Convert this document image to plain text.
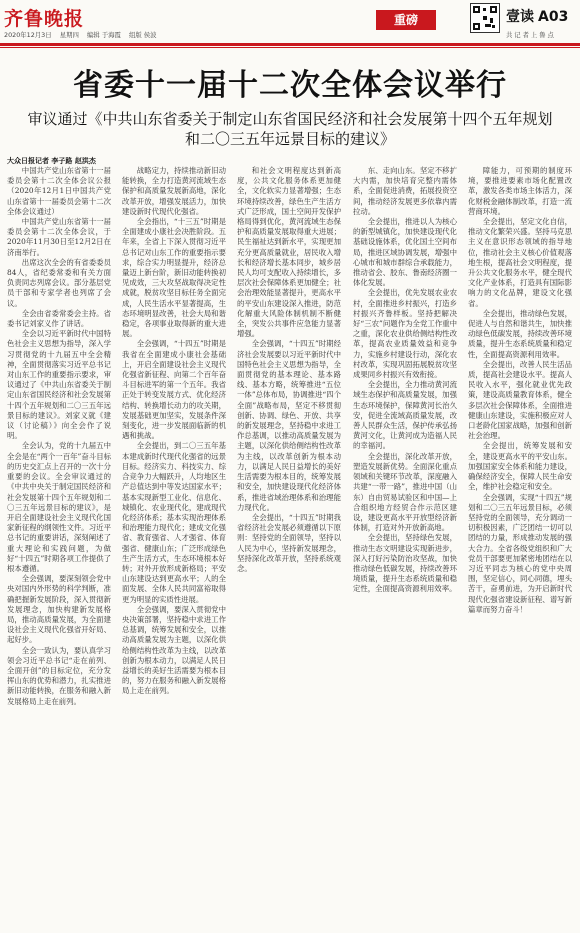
齐鲁晚报
2020年12月3日 星期四 编辑 于海霞 组版 侯波
重磅	壹读 A03
共 记 者 上 鲁 点
省委十一届十二次全体会议举行
审议通过《中共山东省委关于制定山东省国民经济和社会发展第十四个五年规划
和二〇三五年远景目标的建议》
大众日报记者 李子路 赵洪杰

中国共产党山东省第十一届委员会第十二次全体会议公报（2020年12月1日中国共产党山东省第十一届委员会第十二次全体会议通过）

中国共产党山东省第十一届委员会第十二次全体会议，于2020年11月30日至12月2日在济南举行。

出席这次全会的有省委委员84人，省纪委常委和有关方面负责同志列席会议。部分基层党员干部和专家学者也列席了会议。

全会由省委常委会主持。省委书记刘家义作了讲话。

全会以习近平新时代中国特色社会主义思想为指导，深入学习贯彻党的十九届五中全会精神，全面贯彻落实习近平总书记对山东工作的重要指示要求，审议通过了《中共山东省委关于制定山东省国民经济和社会发展第十四个五年规划和二〇三五年远景目标的建议》。刘家义就《建议（讨论稿）》向全会作了说明。

全会认为，党的十九届五中全会是在“两个一百年”奋斗目标的历史交汇点上召开的一次十分重要的会议。全会审议通过的《中共中央关于制定国民经济和社会发展第十四个五年规划和二〇三五年远景目标的建议》，是开启全面建设社会主义现代化国家新征程的纲领性文件。习近平总书记的重要讲话，深刻阐述了重大理论和实践问题，为做好“十四五”时期各项工作提供了根本遵循。

全会强调，要深刻领会党中央对国内外形势的科学判断，准确把握新发展阶段，深入贯彻新发展理念，加快构建新发展格局，推动高质量发展，为全面建设社会主义现代化强省开好局、起好步。

全会一致认为，要认真学习领会习近平总书记“走在前列、全面开创”的目标定位，充分发挥山东的优势和潜力，扎实推进新旧动能转换，在服务和融入新发展格局上走在前列。

战略定力，持续推动新旧动能转换，全力打造黄河流域生态保护和高质量发展新高地，深化改革开放，增强发展活力，加快建设新时代现代化强省。

全会指出，“十三五”时期是全面建成小康社会决胜阶段。五年来，全省上下深入贯彻习近平总书记对山东工作的重要指示要求，综合实力明显提升，经济总量迈上新台阶，新旧动能转换初见成效，三大攻坚战取得决定性成就，脱贫攻坚目标任务全面完成，人民生活水平显著提高，生态环境明显改善，社会大局和谐稳定，各项事业取得新的重大进展。

全会强调，“十四五”时期是我省在全面建成小康社会基础上，开启全面建设社会主义现代化强省新征程、向第二个百年奋斗目标进军的第一个五年。我省正处于转变发展方式、优化经济结构、转换增长动力的攻关期，发展基础更加坚实，发展条件深刻变化，进一步发展面临新的机遇和挑战。

全会提出，到二〇三五年基本建成新时代现代化强省的远景目标。经济实力、科技实力、综合竞争力大幅跃升，人均地区生产总值达到中等发达国家水平；基本实现新型工业化、信息化、城镇化、农业现代化，建成现代化经济体系；基本实现治理体系和治理能力现代化；建成文化强省、教育强省、人才强省、体育强省、健康山东；广泛形成绿色生产生活方式，生态环境根本好转；对外开放形成新格局；平安山东建设达到更高水平；人的全面发展、全体人民共同富裕取得更为明显的实质性进展。

全会强调，要深入贯彻党中央决策部署，坚持稳中求进工作总基调，统筹发展和安全，以推动高质量发展为主题，以深化供给侧结构性改革为主线，以改革创新为根本动力，以满足人民日益增长的美好生活需要为根本目的，努力在服务和融入新发展格局上走在前列。

和社会文明程度达到新高度，公共文化服务体系更加健全，文化软实力显著增强；生态环境持续改善，绿色生产生活方式广泛形成，国土空间开发保护格局得到优化，黄河流域生态保护和高质量发展取得重大进展；民生福祉达到新水平，实现更加充分更高质量就业，居民收入增长和经济增长基本同步，城乡居民人均可支配收入持续增长，多层次社会保障体系更加健全；社会治理效能显著提升，更高水平的平安山东建设深入推进，防范化解重大风险体制机制不断健全，突发公共事件应急能力显著增强。

全会强调，“十四五”时期经济社会发展要以习近平新时代中国特色社会主义思想为指导，全面贯彻党的基本理论、基本路线、基本方略，统筹推进“五位一体”总体布局，协调推进“四个全面”战略布局，坚定不移贯彻创新、协调、绿色、开放、共享的新发展理念，坚持稳中求进工作总基调，以推动高质量发展为主题，以深化供给侧结构性改革为主线，以改革创新为根本动力，以满足人民日益增长的美好生活需要为根本目的，统筹发展和安全，加快建设现代化经济体系，推进省域治理体系和治理能力现代化。

全会提出，“十四五”时期我省经济社会发展必须遵循以下原则：坚持党的全面领导，坚持以人民为中心，坚持新发展理念，坚持深化改革开放，坚持系统观念。

东、走向山东。坚定不移扩大内需，加快培育完整内需体系，全面促进消费，拓展投资空间，推动经济发展更多依靠内需拉动。

全会提出，推进以人为核心的新型城镇化，加快建设现代化基础设施体系，优化国土空间布局，推进区域协调发展，增强中心城市和城市群综合承载能力，推动省会、胶东、鲁南经济圈一体化发展。

全会提出，优先发展农业农村，全面推进乡村振兴，打造乡村振兴齐鲁样板。坚持把解决好“三农”问题作为全党工作重中之重，深化农业供给侧结构性改革，提高农业质量效益和竞争力，实施乡村建设行动，深化农村改革，实现巩固拓展脱贫攻坚成果同乡村振兴有效衔接。

全会提出，全力推动黄河流域生态保护和高质量发展，加强生态环境保护，保障黄河长治久安，促进全流域高质量发展，改善人民群众生活，保护传承弘扬黄河文化，让黄河成为造福人民的幸福河。

全会提出，深化改革开放，塑造发展新优势。全面深化重点领域和关键环节改革，深度融入共建“一带一路”，推进中国（山东）自由贸易试验区和中国—上合组织地方经贸合作示范区建设，建设更高水平开放型经济新体制，打造对外开放新高地。

全会提出，坚持绿色发展，推动生态文明建设实现新进步，深入打好污染防治攻坚战，加快推动绿色低碳发展，持续改善环境质量，提升生态系统质量和稳定性，全面提高资源利用效率。

障能力，可预期的制度环境，要推进要素市场化配置改革，激发各类市场主体活力，深化财税金融体制改革，打造一流营商环境。

全会提出，坚定文化自信，推动文化繁荣兴盛。坚持马克思主义在意识形态领域的指导地位，推动社会主义核心价值观落地生根，提高社会文明程度，提升公共文化服务水平，健全现代文化产业体系，打造具有国际影响力的文化品牌，建设文化强省。

全会提出，推动绿色发展，促进人与自然和谐共生，加快推动绿色低碳发展，持续改善环境质量，提升生态系统质量和稳定性，全面提高资源利用效率。

全会提出，改善人民生活品质，提高社会建设水平。提高人民收入水平，强化就业优先政策，建设高质量教育体系，健全多层次社会保障体系，全面推进健康山东建设，实施积极应对人口老龄化国家战略，加强和创新社会治理。

全会提出，统筹发展和安全，建设更高水平的平安山东。加强国家安全体系和能力建设，确保经济安全，保障人民生命安全，维护社会稳定和安全。

全会强调，实现“十四五”规划和二〇三五年远景目标，必须坚持党的全面领导，充分调动一切积极因素，广泛团结一切可以团结的力量，形成推动发展的强大合力。全省各级党组织和广大党员干部要更加紧密地团结在以习近平同志为核心的党中央周围，坚定信心，同心同德，埋头苦干，奋勇前进，为开启新时代现代化强省建设新征程、谱写新篇章而努力奋斗！
